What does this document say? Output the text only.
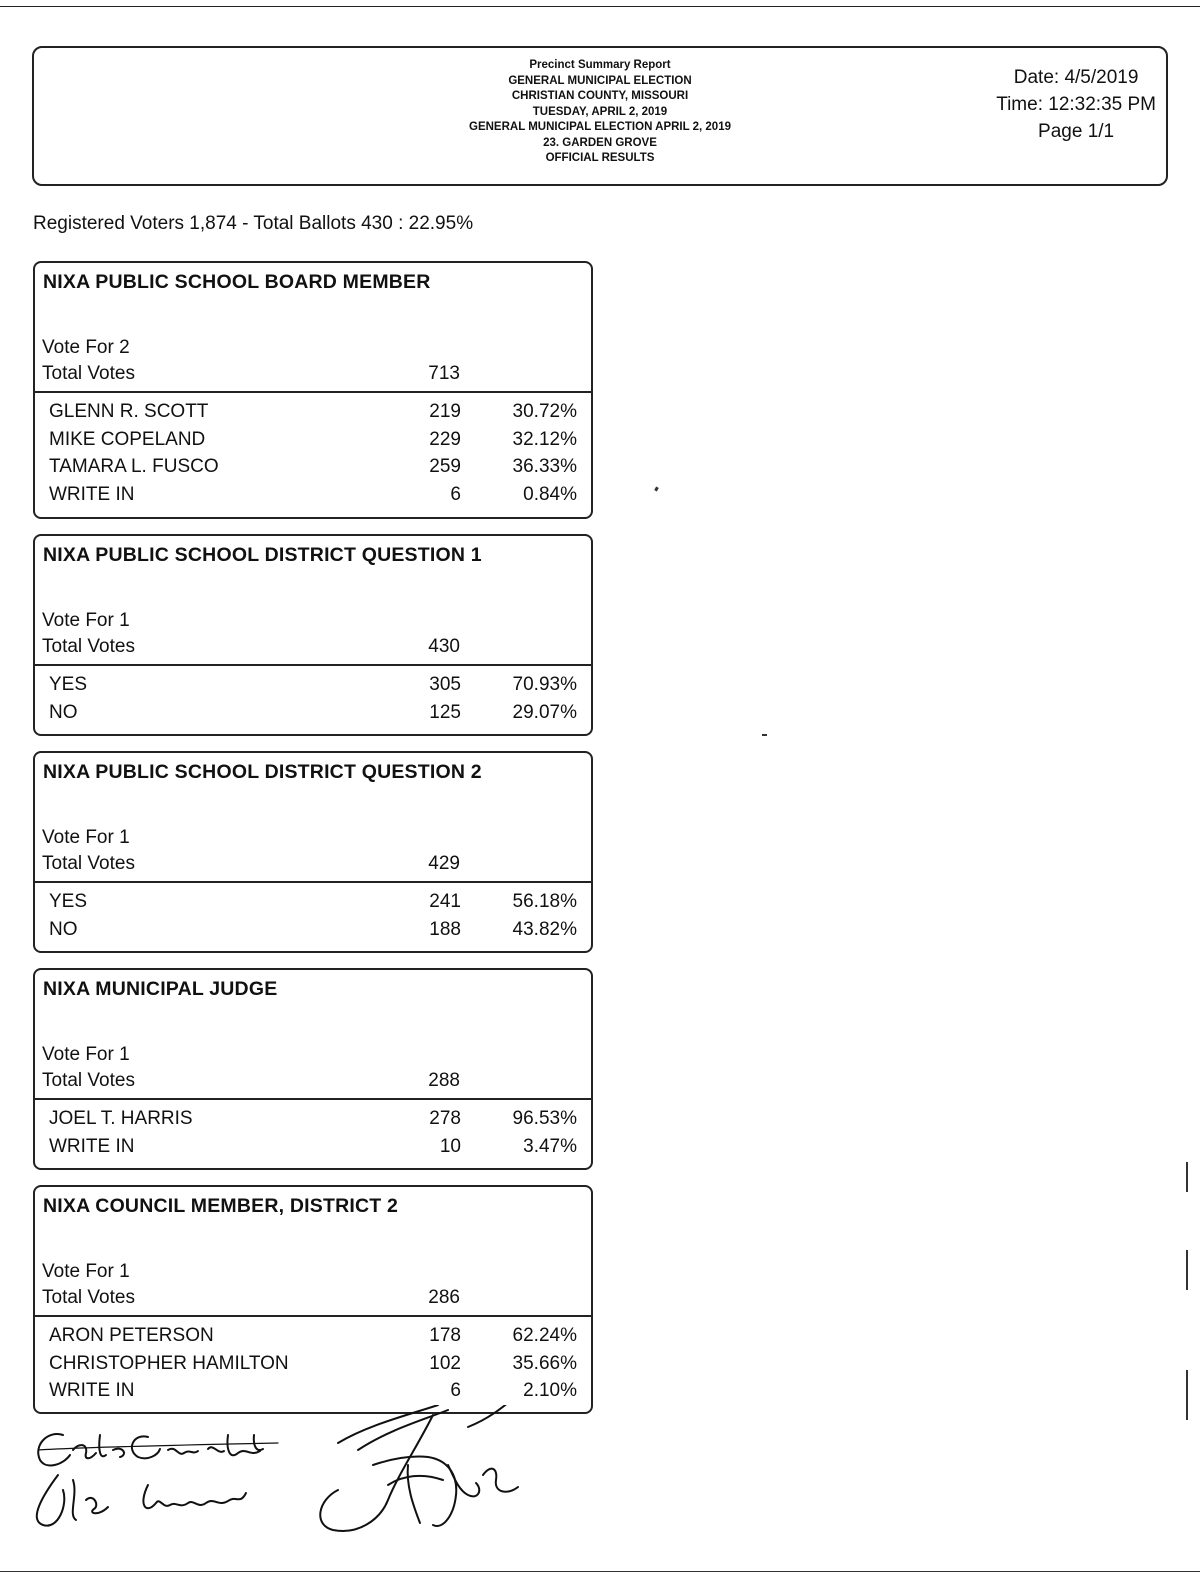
Precinct Summary Report
GENERAL MUNICIPAL ELECTION
CHRISTIAN COUNTY, MISSOURI
TUESDAY, APRIL 2, 2019
GENERAL MUNICIPAL ELECTION APRIL 2, 2019
23. GARDEN GROVE
OFFICIAL RESULTS
Date: 4/5/2019
Time: 12:32:35 PM
Page 1/1
Registered Voters 1,874 - Total Ballots 430 : 22.95%
NIXA PUBLIC SCHOOL BOARD MEMBER
Vote For 2
Total Votes	713
GLENN R. SCOTT	219	30.72%
MIKE COPELAND	229	32.12%
TAMARA L. FUSCO	259	36.33%
WRITE IN	6	0.84%
NIXA PUBLIC SCHOOL DISTRICT QUESTION 1
Vote For 1
Total Votes	430
YES	305	70.93%
NO	125	29.07%
NIXA PUBLIC SCHOOL DISTRICT QUESTION 2
Vote For 1
Total Votes	429
YES	241	56.18%
NO	188	43.82%
NIXA MUNICIPAL JUDGE
Vote For 1
Total Votes	288
JOEL T. HARRIS	278	96.53%
WRITE IN	10	3.47%
NIXA COUNCIL MEMBER, DISTRICT 2
Vote For 1
Total Votes	286
ARON PETERSON	178	62.24%
CHRISTOPHER HAMILTON	102	35.66%
WRITE IN	6	2.10%
